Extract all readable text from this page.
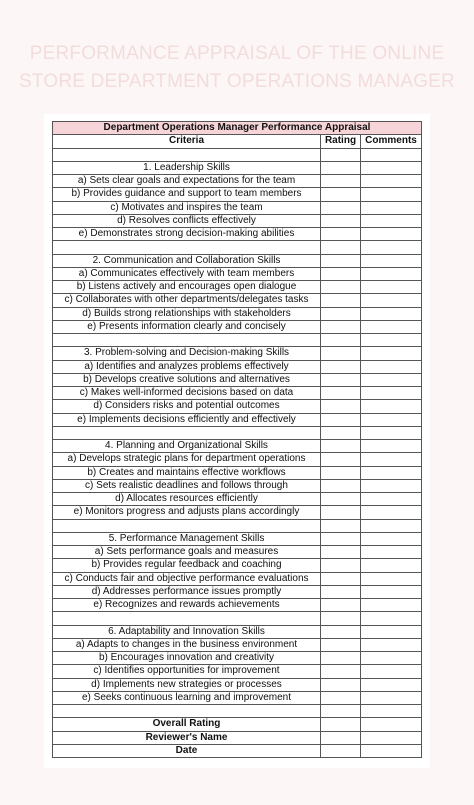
PERFORMANCE APPRAISAL OF THE ONLINE STORE DEPARTMENT OPERATIONS MANAGER
Department Operations Manager Performance Appraisal		
Criteria	Rating	Comments

1. Leadership Skills		
a) Sets clear goals and expectations for the team		
b) Provides guidance and support to team members		
c) Motivates and inspires the team		
d) Resolves conflicts effectively		
e) Demonstrates strong decision-making abilities		

2. Communication and Collaboration Skills		
a) Communicates effectively with team members		
b) Listens actively and encourages open dialogue		
c) Collaborates with other departments/delegates tasks		
d) Builds strong relationships with stakeholders		
e) Presents information clearly and concisely		

3. Problem-solving and Decision-making Skills		
a) Identifies and analyzes problems effectively		
b) Develops creative solutions and alternatives		
c) Makes well-informed decisions based on data		
d) Considers risks and potential outcomes		
e) Implements decisions efficiently and effectively		

4. Planning and Organizational Skills		
a) Develops strategic plans for department operations		
b) Creates and maintains effective workflows		
c) Sets realistic deadlines and follows through		
d) Allocates resources efficiently		
e) Monitors progress and adjusts plans accordingly		

5. Performance Management Skills		
a) Sets performance goals and measures		
b) Provides regular feedback and coaching		
c) Conducts fair and objective performance evaluations		
d) Addresses performance issues promptly		
e) Recognizes and rewards achievements		

6. Adaptability and Innovation Skills		
a) Adapts to changes in the business environment		
b) Encourages innovation and creativity		
c) Identifies opportunities for improvement		
d) Implements new strategies or processes		
e) Seeks continuous learning and improvement		

Overall Rating		
Reviewer's Name		
Date		
